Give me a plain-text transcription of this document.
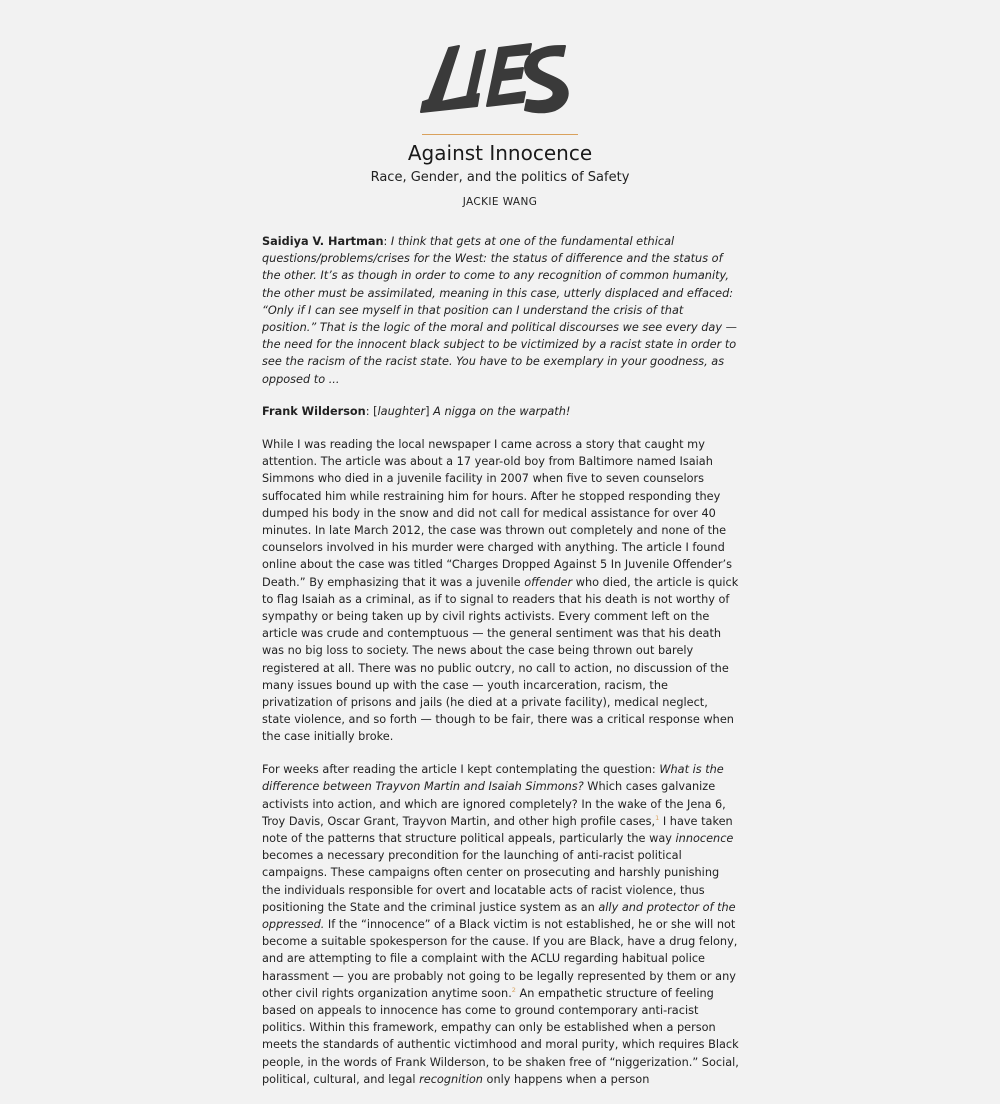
Against Innocence
Race, Gender, and the politics of Safety
JACKIE WANG

Saidiya V. Hartman: I think that gets at one of the fundamental ethical questions/problems/crises for the West: the status of difference and the status of the other. It’s as though in order to come to any recognition of common humanity, the other must be assimilated, meaning in this case, utterly displaced and effaced: “Only if I can see myself in that position can I understand the crisis of that position.” That is the logic of the moral and political discourses we see every day — the need for the innocent black subject to be victimized by a racist state in order to see the racism of the racist state. You have to be exemplary in your goodness, as opposed to ...

Frank Wilderson: [laughter] A nigga on the warpath!

While I was reading the local newspaper I came across a story that caught my attention. The article was about a 17 year-old boy from Baltimore named Isaiah Simmons who died in a juvenile facility in 2007 when five to seven counselors suffocated him while restraining him for hours. After he stopped responding they dumped his body in the snow and did not call for medical assistance for over 40 minutes. In late March 2012, the case was thrown out completely and none of the counselors involved in his murder were charged with anything. The article I found online about the case was titled “Charges Dropped Against 5 In Juvenile Offender’s Death.” By emphasizing that it was a juvenile offender who died, the article is quick to flag Isaiah as a criminal, as if to signal to readers that his death is not worthy of sympathy or being taken up by civil rights activists. Every comment left on the article was crude and contemptuous — the general sentiment was that his death was no big loss to society. The news about the case being thrown out barely registered at all. There was no public outcry, no call to action, no discussion of the many issues bound up with the case — youth incarceration, racism, the privatization of prisons and jails (he died at a private facility), medical neglect, state violence, and so forth — though to be fair, there was a critical response when the case initially broke.

For weeks after reading the article I kept contemplating the question: What is the difference between Trayvon Martin and Isaiah Simmons? Which cases galvanize activists into action, and which are ignored completely? In the wake of the Jena 6, Troy Davis, Oscar Grant, Trayvon Martin, and other high profile cases,$^1$ I have taken note of the patterns that structure political appeals, particularly the way innocence becomes a necessary precondition for the launching of anti-racist political campaigns. These campaigns often center on prosecuting and harshly punishing the individuals responsible for overt and locatable acts of racist violence, thus positioning the State and the criminal justice system as an ally and protector of the oppressed. If the “innocence” of a Black victim is not established, he or she will not become a suitable spokesperson for the cause. If you are Black, have a drug felony, and are attempting to file a complaint with the ACLU regarding habitual police harassment — you are probably not going to be legally represented by them or any other civil rights organization anytime soon.$^2$ An empathetic structure of feeling based on appeals to innocence has come to ground contemporary anti-racist politics. Within this framework, empathy can only be established when a person meets the standards of authentic victimhood and moral purity, which requires Black people, in the words of Frank Wilderson, to be shaken free of “niggerization.” Social, political, cultural, and legal recognition only happens when a person
